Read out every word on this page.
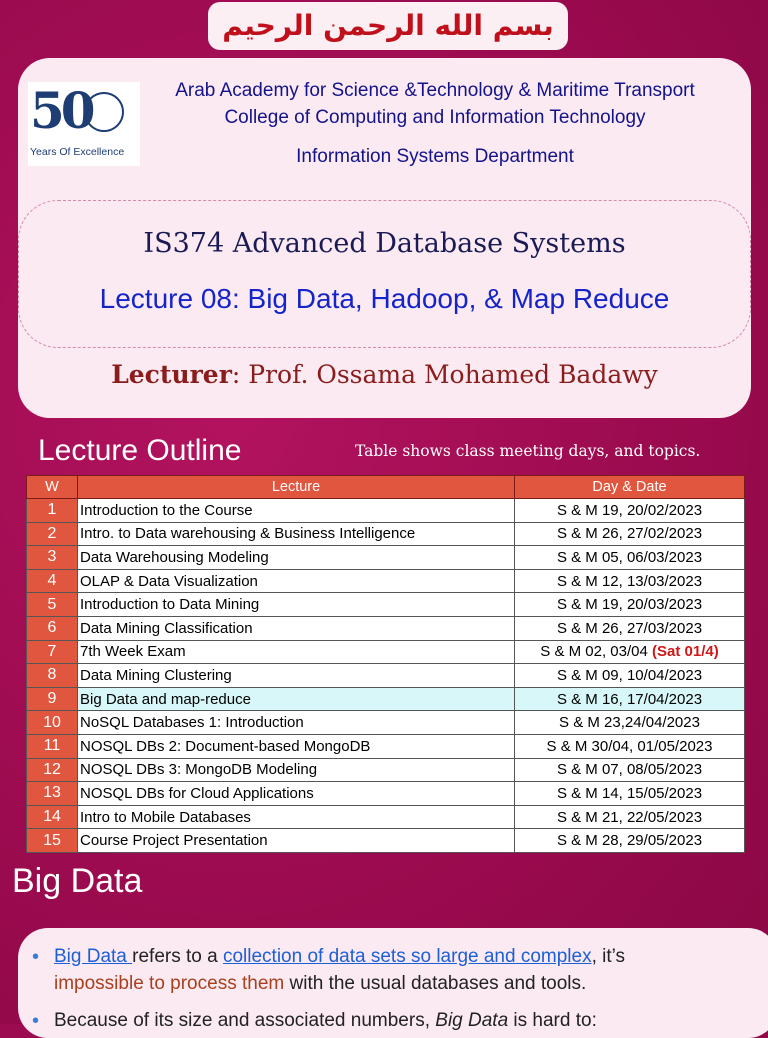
بسم الله الرحمن الرحيم
50
Years Of Excellence
Arab Academy for Science &Technology & Maritime Transport
College of Computing and Information Technology
Information Systems Department
IS374 Advanced Database Systems
Lecture 08: Big Data, Hadoop, & Map Reduce
Lecturer: Prof. Ossama Mohamed Badawy
Lecture Outline	Table shows class meeting days, and topics.
W	Lecture	Day & Date
1	Introduction to the Course	S & M 19, 20/02/2023
2	Intro. to Data warehousing & Business Intelligence	S & M 26, 27/02/2023
3	Data Warehousing Modeling	S & M 05, 06/03/2023
4	OLAP & Data Visualization	S & M 12, 13/03/2023
5	Introduction to Data Mining	S & M 19, 20/03/2023
6	Data Mining Classification	S & M 26, 27/03/2023
7	7th Week Exam	S & M 02, 03/04 (Sat 01/4)
8	Data Mining Clustering	S & M 09, 10/04/2023
9	Big Data and map-reduce	S & M 16, 17/04/2023
10	NoSQL Databases 1: Introduction	S & M 23,24/04/2023
11	NOSQL DBs 2: Document-based MongoDB	S & M 30/04, 01/05/2023
12	NOSQL DBs 3: MongoDB Modeling	S & M 07, 08/05/2023
13	NOSQL DBs for Cloud Applications	S & M 14, 15/05/2023
14	Intro to Mobile Databases	S & M 21, 22/05/2023
15	Course Project Presentation	S & M 28, 29/05/2023
Big Data
• Big Data refers to a collection of data sets so large and complex, it’s
impossible to process them with the usual databases and tools.
• Because of its size and associated numbers, Big Data is hard to:
